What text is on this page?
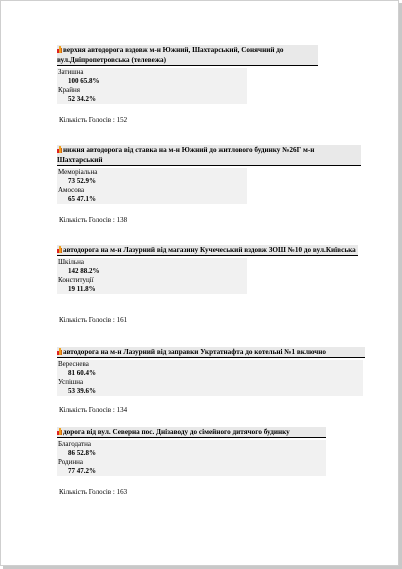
верхня автодорога вздовж м-н Южний, Шахтарський, Сонячний до вул.Дніпропетровська (телевежа)
Затишна
100 65.8%
Крайня
52 34.2%
Кількість Голосів : 152
нижня автодорога від ставка на м-н Южний до житлового будинку №26Г м-н Шахтарський
Меморіальна
73 52.9%
Амосова
65 47.1%
Кількість Голосів : 138
автодорога на м-н Лазурний від магазину Кучечеський вздовж ЗОШ №10 до вул.Київська
Шкільна
142 88.2%
Конституції
19 11.8%
Кількість Голосів : 161
автодорога на м-н Лазурний від заправки Укртатнафта до котельні №1 включно
Вереснева
81 60.4%
Успішна
53 39.6%
Кількість Голосів : 134
дорога від вул. Северна пос. Днізаводу до сімейного дитячого будинку
Благодатна
86 52.8%
Родинна
77 47.2%
Кількість Голосів : 163
